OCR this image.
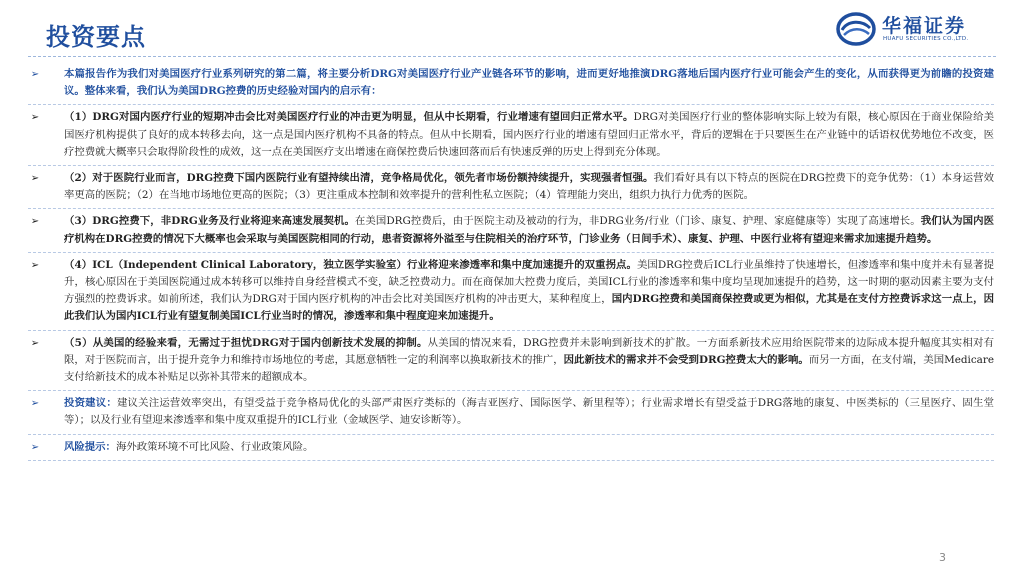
投资要点	华福证券
HUAFU SECURITIES CO.,LTD.
➢ 本篇报告作为我们对美国医疗行业系列研究的第二篇，将主要分析DRG对美国医疗行业产业链各环节的影响，进而更好地推演DRG落地后国内医疗行业可能会产生的变化，从而获得更为前瞻的投资建议。整体来看，我们认为美国DRG控费的历史经验对国内的启示有：
➢ （1）DRG对国内医疗行业的短期冲击会比对美国医疗行业的冲击更为明显，但从中长期看，行业增速有望回归正常水平。DRG对美国医疗行业的整体影响实际上较为有限，核心原因在于商业保险给美国医疗机构提供了良好的成本转移去向，这一点是国内医疗机构不具备的特点。但从中长期看，国内医疗行业的增速有望回归正常水平，背后的逻辑在于只要医生在产业链中的话语权优势地位不改变，医疗控费就大概率只会取得阶段性的成效，这一点在美国医疗支出增速在商保控费后快速回落而后有快速反弹的历史上得到充分体现。
➢ （2）对于医院行业而言，DRG控费下国内医院行业有望持续出清，竞争格局优化，领先者市场份额持续提升，实现强者恒强。我们看好具有以下特点的医院在DRG控费下的竞争优势：（1）本身运营效率更高的医院；（2）在当地市场地位更高的医院；（3）更注重成本控制和效率提升的营利性私立医院；（4）管理能力突出，组织力执行力优秀的医院。
➢ （3）DRG控费下，非DRG业务及行业将迎来高速发展契机。在美国DRG控费后，由于医院主动及被动的行为，非DRG业务/行业（门诊、康复、护理、家庭健康等）实现了高速增长。我们认为国内医疗机构在DRG控费的情况下大概率也会采取与美国医院相同的行动，患者资源将外溢至与住院相关的治疗环节，门诊业务（日间手术）、康复、护理、中医行业将有望迎来需求加速提升趋势。
➢ （4）ICL（Independent Clinical Laboratory，独立医学实验室）行业将迎来渗透率和集中度加速提升的双重拐点。美国DRG控费后ICL行业虽维持了快速增长，但渗透率和集中度并未有显著提升，核心原因在于美国医院通过成本转移可以维持自身经营模式不变，缺乏控费动力。而在商保加大控费力度后，美国ICL行业的渗透率和集中度均呈现加速提升的趋势，这一时期的驱动因素主要为支付方强烈的控费诉求。如前所述，我们认为DRG对于国内医疗机构的冲击会比对美国医疗机构的冲击更大，某种程度上，国内DRG控费和美国商保控费或更为相似，尤其是在支付方控费诉求这一点上，因此我们认为国内ICL行业有望复制美国ICL行业当时的情况，渗透率和集中程度迎来加速提升。
➢ （5）从美国的经验来看，无需过于担忧DRG对于国内创新技术发展的抑制。从美国的情况来看，DRG控费并未影响到新技术的扩散。一方面系新技术应用给医院带来的边际成本提升幅度其实相对有限，对于医院而言，出于提升竞争力和维持市场地位的考虑，其愿意牺牲一定的利润率以换取新技术的推广，因此新技术的需求并不会受到DRG控费太大的影响。而另一方面，在支付端，美国Medicare支付给新技术的成本补贴足以弥补其带来的超额成本。
➢ 投资建议：建议关注运营效率突出，有望受益于竞争格局优化的头部严肃医疗类标的（海吉亚医疗、国际医学、新里程等）；行业需求增长有望受益于DRG落地的康复、中医类标的（三星医疗、固生堂等）；以及行业有望迎来渗透率和集中度双重提升的ICL行业（金域医学、迪安诊断等）。
➢ 风险提示：海外政策环境不可比风险、行业政策风险。
3
